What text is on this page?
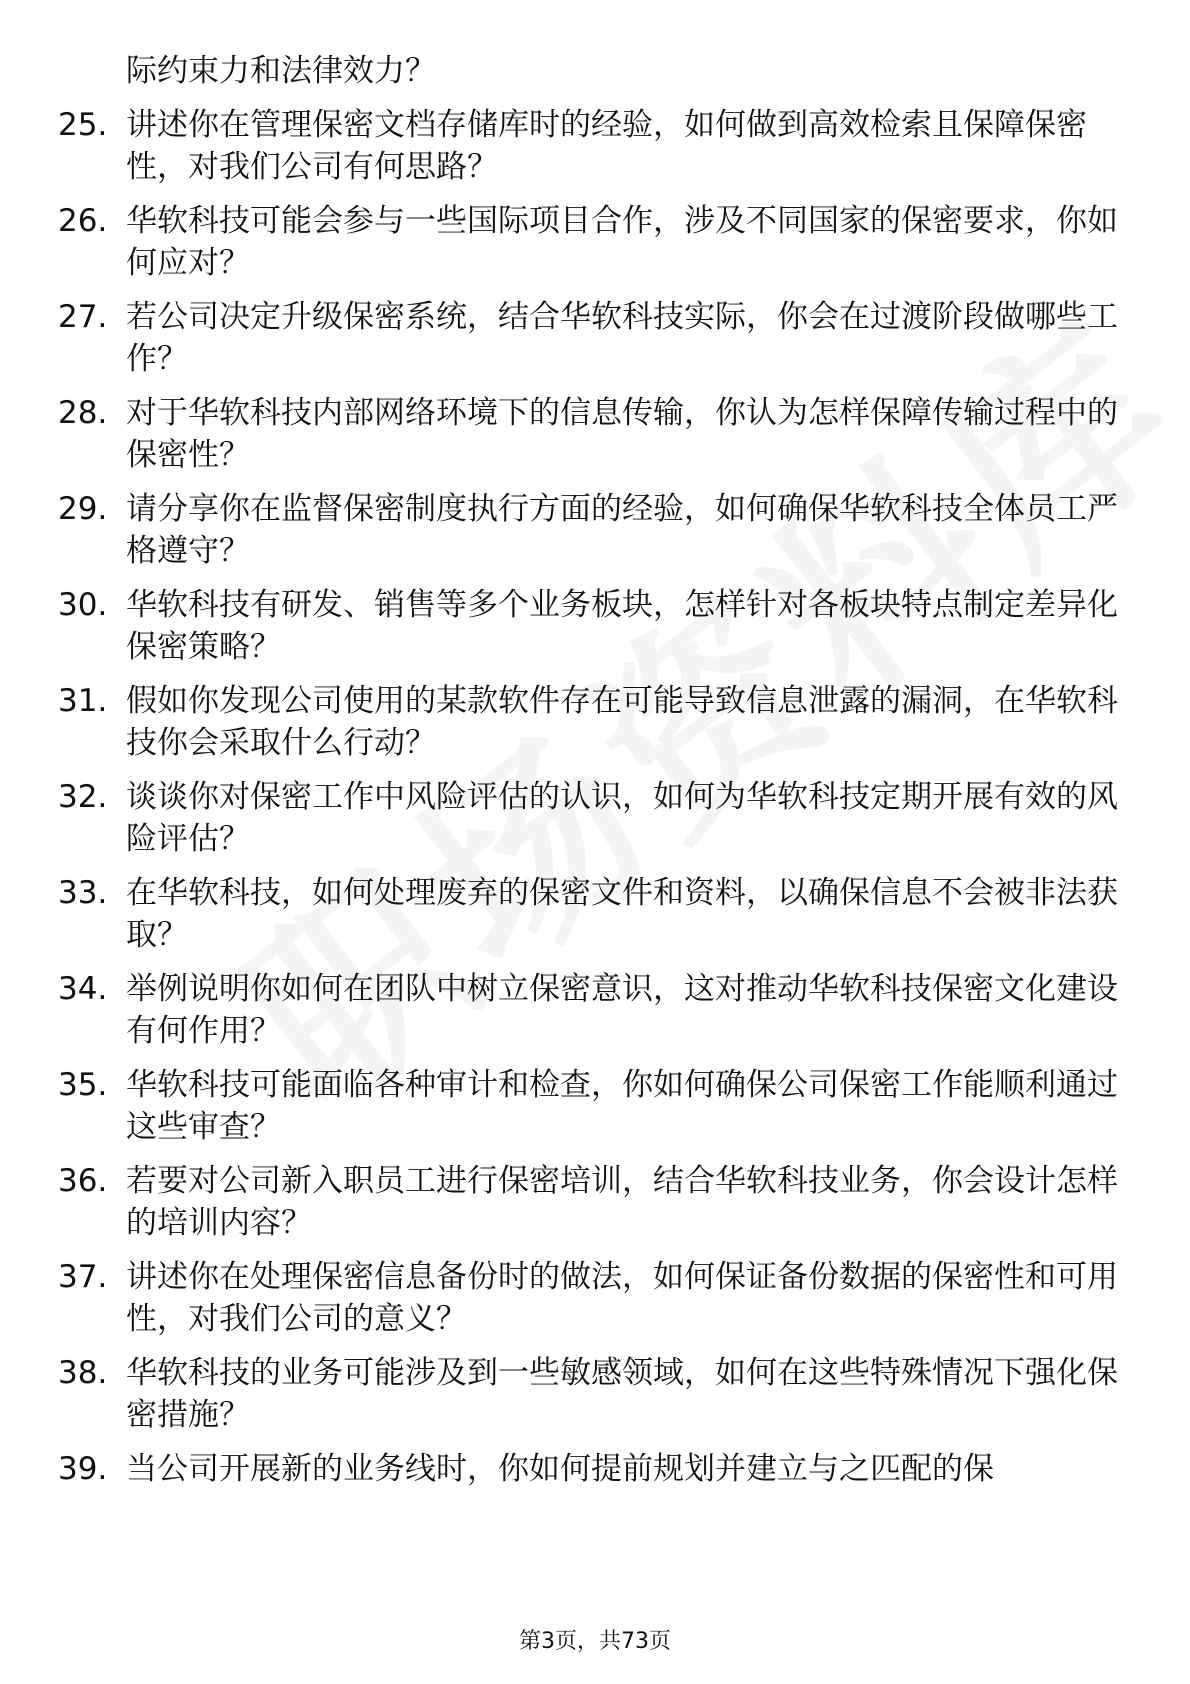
际约束力和法律效力？
25. 讲述你在管理保密文档存储库时的经验，如何做到高效检索且保障保密性，对我们公司有何思路？
26. 华软科技可能会参与一些国际项目合作，涉及不同国家的保密要求，你如何应对？
27. 若公司决定升级保密系统，结合华软科技实际，你会在过渡阶段做哪些工作？
28. 对于华软科技内部网络环境下的信息传输，你认为怎样保障传输过程中的保密性？
29. 请分享你在监督保密制度执行方面的经验，如何确保华软科技全体员工严格遵守？
30. 华软科技有研发、销售等多个业务板块，怎样针对各板块特点制定差异化保密策略？
31. 假如你发现公司使用的某款软件存在可能导致信息泄露的漏洞，在华软科技你会采取什么行动？
32. 谈谈你对保密工作中风险评估的认识，如何为华软科技定期开展有效的风险评估？
33. 在华软科技，如何处理废弃的保密文件和资料，以确保信息不会被非法获取？
34. 举例说明你如何在团队中树立保密意识，这对推动华软科技保密文化建设有何作用？
35. 华软科技可能面临各种审计和检查，你如何确保公司保密工作能顺利通过这些审查？
36. 若要对公司新入职员工进行保密培训，结合华软科技业务，你会设计怎样的培训内容？
37. 讲述你在处理保密信息备份时的做法，如何保证备份数据的保密性和可用性，对我们公司的意义？
38. 华软科技的业务可能涉及到一些敏感领域，如何在这些特殊情况下强化保密措施？
39. 当公司开展新的业务线时，你如何提前规划并建立与之匹配的保
第3页，共73页
